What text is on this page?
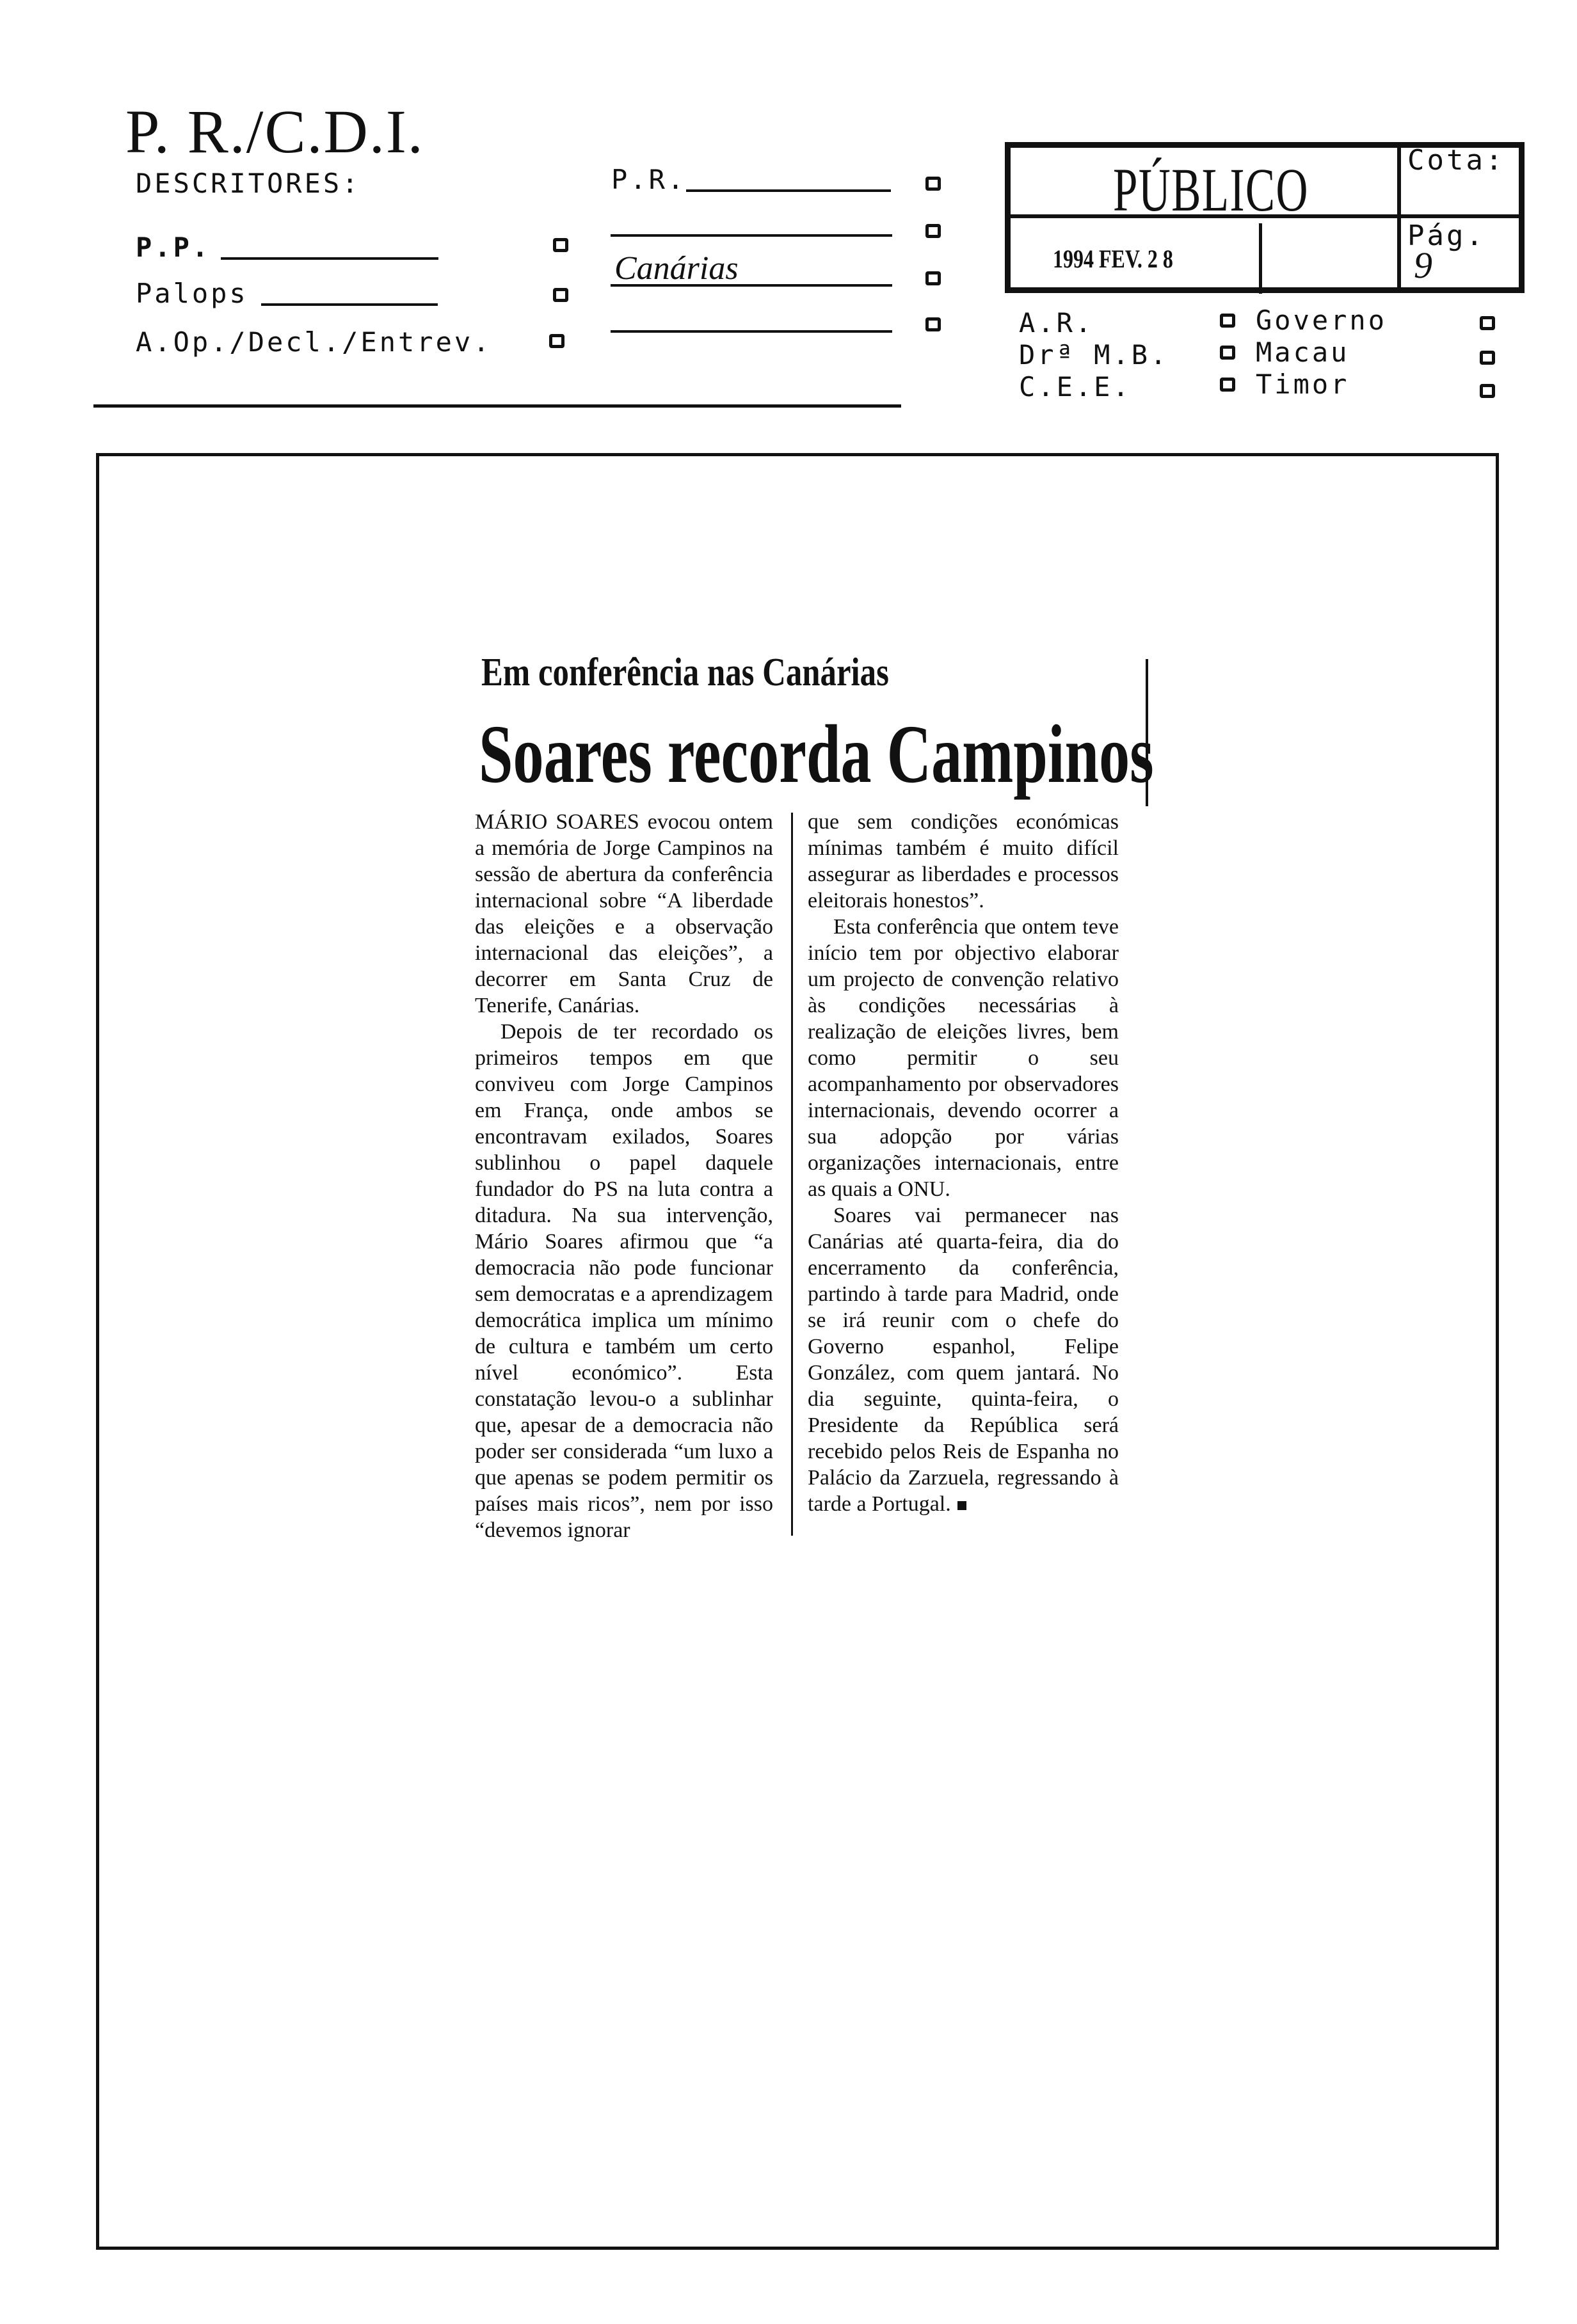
P. R./C.D.I.
DESCRITORES:
P.P.
Palops
A.Op./Decl./Entrev.
P.R.
Canárias
PÚBLICO
1994 FEV. 2 8
Cota:
Pág.
9
A.R.
Drª M.B.
C.E.E.
Governo
Macau
Timor
Em conferência nas Canárias
Soares recorda Campinos

MÁRIO SOARES evocou ontem a memória de Jorge Campinos na sessão de abertura da conferência internacional sobre “A liberdade das eleições e a observação internacional das eleições”, a decorrer em Santa Cruz de Tenerife, Canárias.

Depois de ter recordado os primeiros tempos em que conviveu com Jorge Campinos em França, onde ambos se encontravam exilados, Soares sublinhou o papel daquele fundador do PS na luta contra a ditadura. Na sua intervenção, Mário Soares afirmou que “a democracia não pode funcionar sem democratas e a aprendizagem democrática implica um mínimo de cultura e também um certo nível económico”. Esta constatação levou-o a sublinhar que, apesar de a democracia não poder ser considerada “um luxo a que apenas se podem permitir os países mais ricos”, nem por isso “devemos ignorar

que sem condições económicas mínimas também é muito difícil assegurar as liberdades e processos eleitorais honestos”.

Esta conferência que ontem teve início tem por objectivo elaborar um projecto de convenção relativo às condições necessárias à realização de eleições livres, bem como permitir o seu acompanhamento por observadores internacionais, devendo ocorrer a sua adopção por várias organizações internacionais, entre as quais a ONU.

Soares vai permanecer nas Canárias até quarta-feira, dia do encerramento da conferência, partindo à tarde para Madrid, onde se irá reunir com o chefe do Governo espanhol, Felipe González, com quem jantará. No dia seguinte, quinta-feira, o Presidente da República será recebido pelos Reis de Espanha no Palácio da Zarzuela, regressando à tarde a Portugal.
